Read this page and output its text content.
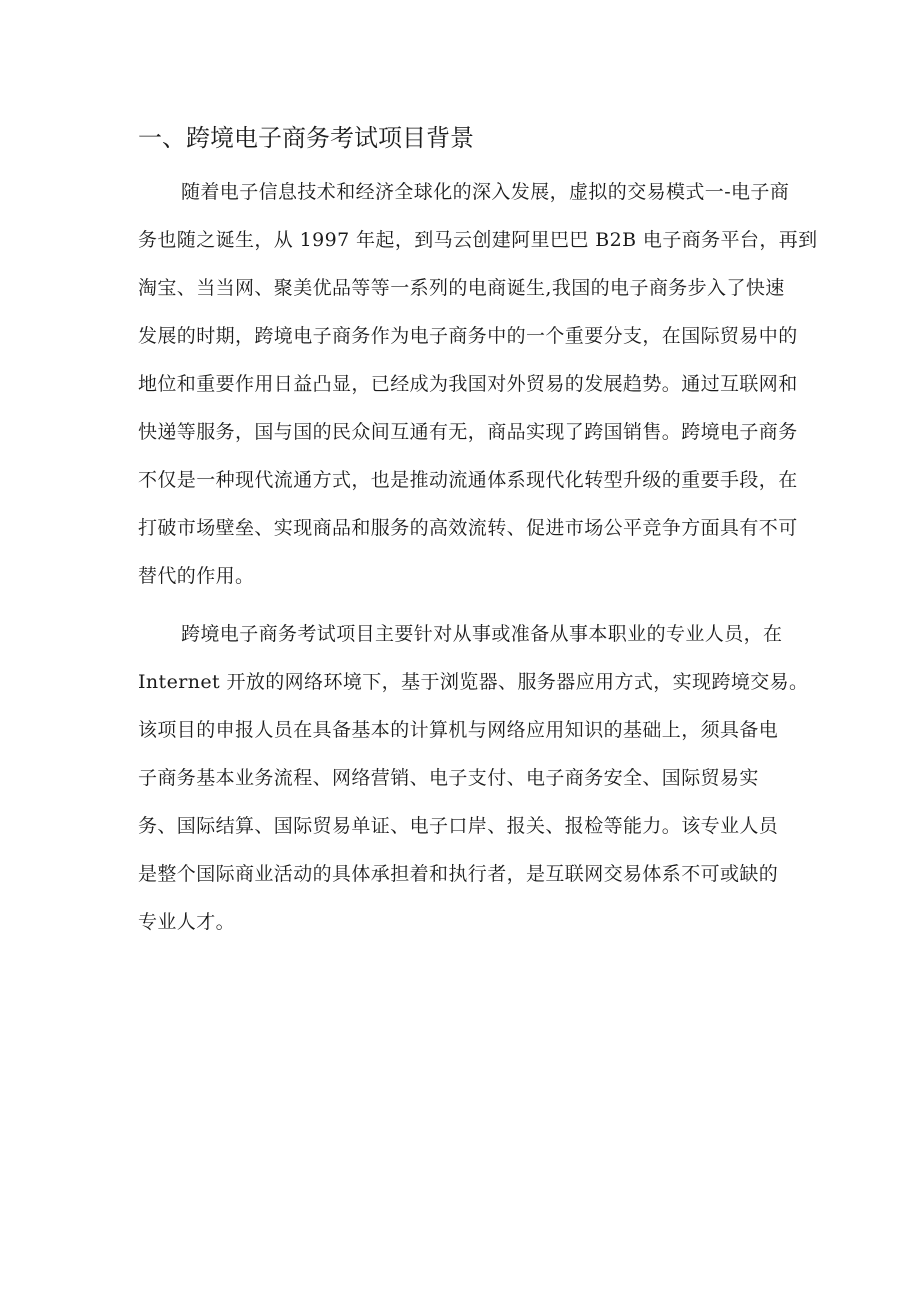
一、跨境电子商务考试项目背景
随着电子信息技术和经济全球化的深入发展，虚拟的交易模式一-电子商
务也随之诞生，从 1997 年起，到马云创建阿里巴巴 B2B 电子商务平台，再到
淘宝、当当网、聚美优品等等一系列的电商诞生,我国的电子商务步入了快速
发展的时期，跨境电子商务作为电子商务中的一个重要分支，在国际贸易中的
地位和重要作用日益凸显，已经成为我国对外贸易的发展趋势。通过互联网和
快递等服务，国与国的民众间互通有无，商品实现了跨国销售。跨境电子商务
不仅是一种现代流通方式，也是推动流通体系现代化转型升级的重要手段，在
打破市场壁垒、实现商品和服务的高效流转、促进市场公平竞争方面具有不可
替代的作用。
跨境电子商务考试项目主要针对从事或准备从事本职业的专业人员，在
Internet 开放的网络环境下，基于浏览器、服务器应用方式，实现跨境交易。
该项目的申报人员在具备基本的计算机与网络应用知识的基础上，须具备电
子商务基本业务流程、网络营销、电子支付、电子商务安全、国际贸易实
务、国际结算、国际贸易单证、电子口岸、报关、报检等能力。该专业人员
是整个国际商业活动的具体承担着和执行者，是互联网交易体系不可或缺的
专业人才。
